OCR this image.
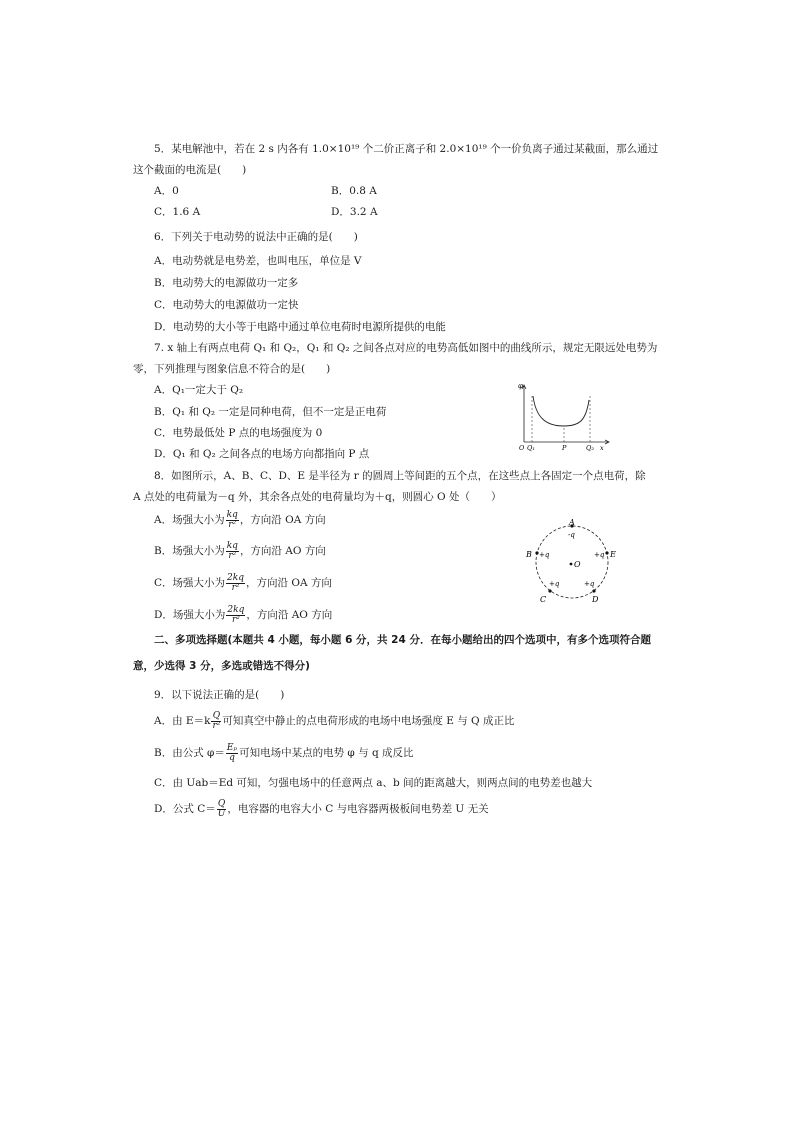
5．某电解池中，若在 2 s 内各有 1.0×10¹⁹ 个二价正离子和 2.0×10¹⁹ 个一价负离子通过某截面，那么通过
这个截面的电流是(　　)
A．0	B．0.8 A
C．1.6 A	D．3.2 A
6．下列关于电动势的说法中正确的是(　　)
A．电动势就是电势差，也叫电压，单位是 V
B．电动势大的电源做功一定多
C．电动势大的电源做功一定快
D．电动势的大小等于电路中通过单位电荷时电源所提供的电能
7. x 轴上有两点电荷 Q₁ 和 Q₂，Q₁ 和 Q₂ 之间各点对应的电势高低如图中的曲线所示，规定无限远处电势为
零，下列推理与图象信息不符合的是(　　)
A．Q₁一定大于 Q₂
B．Q₁ 和 Q₂ 一定是同种电荷，但不一定是正电荷
C．电势最低处 P 点的电场强度为 0
D．Q₁ 和 Q₂ 之间各点的电场方向都指向 P 点
φ
O Q₁	P	Q₂ x
8．如图所示，A、B、C、D、E 是半径为 r 的圆周上等间距的五个点，在这些点上各固定一个点电荷，除
A 点处的电荷量为－q 外，其余各点处的电荷量均为＋q，则圆心 O 处（　　）
A．场强大小为 $\frac{kq}{\text{r²}}$ ，方向沿 OA 方向
B．场强大小为 $\frac{kq}{\text{r²}}$ ，方向沿 AO 方向
C．场强大小为 $\frac{2kq}{\text{r²}}$ ，方向沿 OA 方向
D．场强大小为 $\frac{2kq}{\text{r²}}$ ，方向沿 AO 方向
A
-q
B +q	E
+q
O
+q
C
+q
D
二、多项选择题(本题共 4 小题，每小题 6 分，共 24 分．在每小题给出的四个选项中，有多个选项符合题
意，少选得 3 分，多选或错选不得分)
9．以下说法正确的是(　　)
A．由 $E=k \frac{Q}{\text{r²}}$ 可知真空中静止的点电荷形成的电场中电场强度 E 与 Q 成正比
B．由公式 $\varphi= \frac{\text{Eₚ}}{q}$ 可知电场中某点的电势 φ 与 q 成反比
C．由 Uab＝Ed 可知，匀强电场中的任意两点 a、b 间的距离越大，则两点间的电势差也越大
D．公式 $C= \frac{Q}{U}$ ，电容器的电容大小 C 与电容器两极板间电势差 U 无关
